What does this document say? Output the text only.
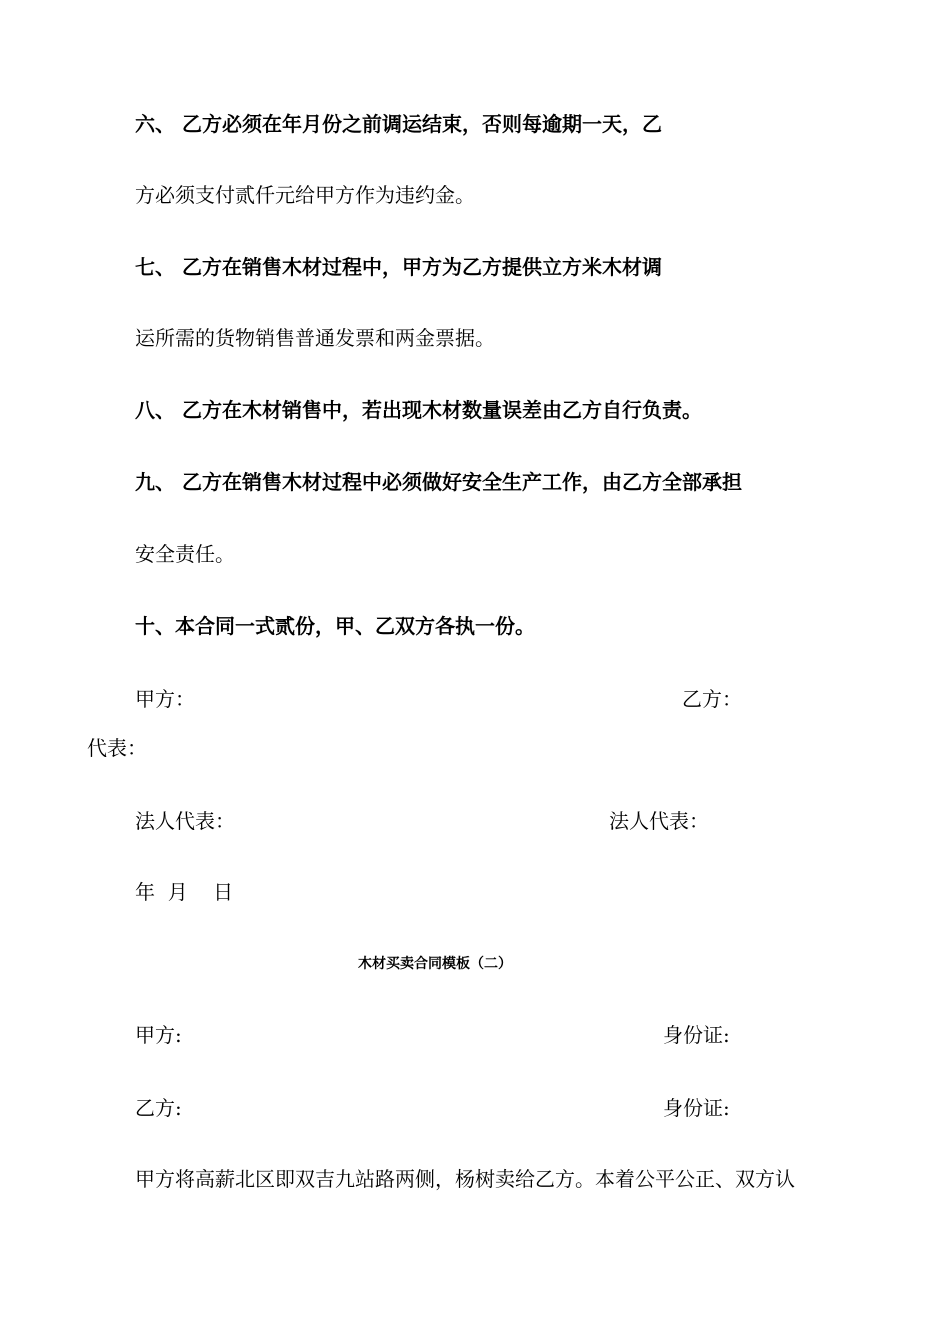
六、 乙方必须在年月份之前调运结束，否则每逾期一天，乙
方必须支付贰仟元给甲方作为违约金。
七、 乙方在销售木材过程中，甲方为乙方提供立方米木材调
运所需的货物销售普通发票和两金票据。
八、 乙方在木材销售中，若出现木材数量误差由乙方自行负责。
九、 乙方在销售木材过程中必须做好安全生产工作，由乙方全部承担
安全责任。
十、本合同一式贰份，甲、乙双方各执一份。
甲方：	乙方：
代表：
法人代表：	法人代表：
年  月    日
木材买卖合同模板（二）
甲方:	身份证:
乙方:	身份证:
甲方将高薪北区即双吉九站路两侧，杨树卖给乙方。本着公平公正、双方认
